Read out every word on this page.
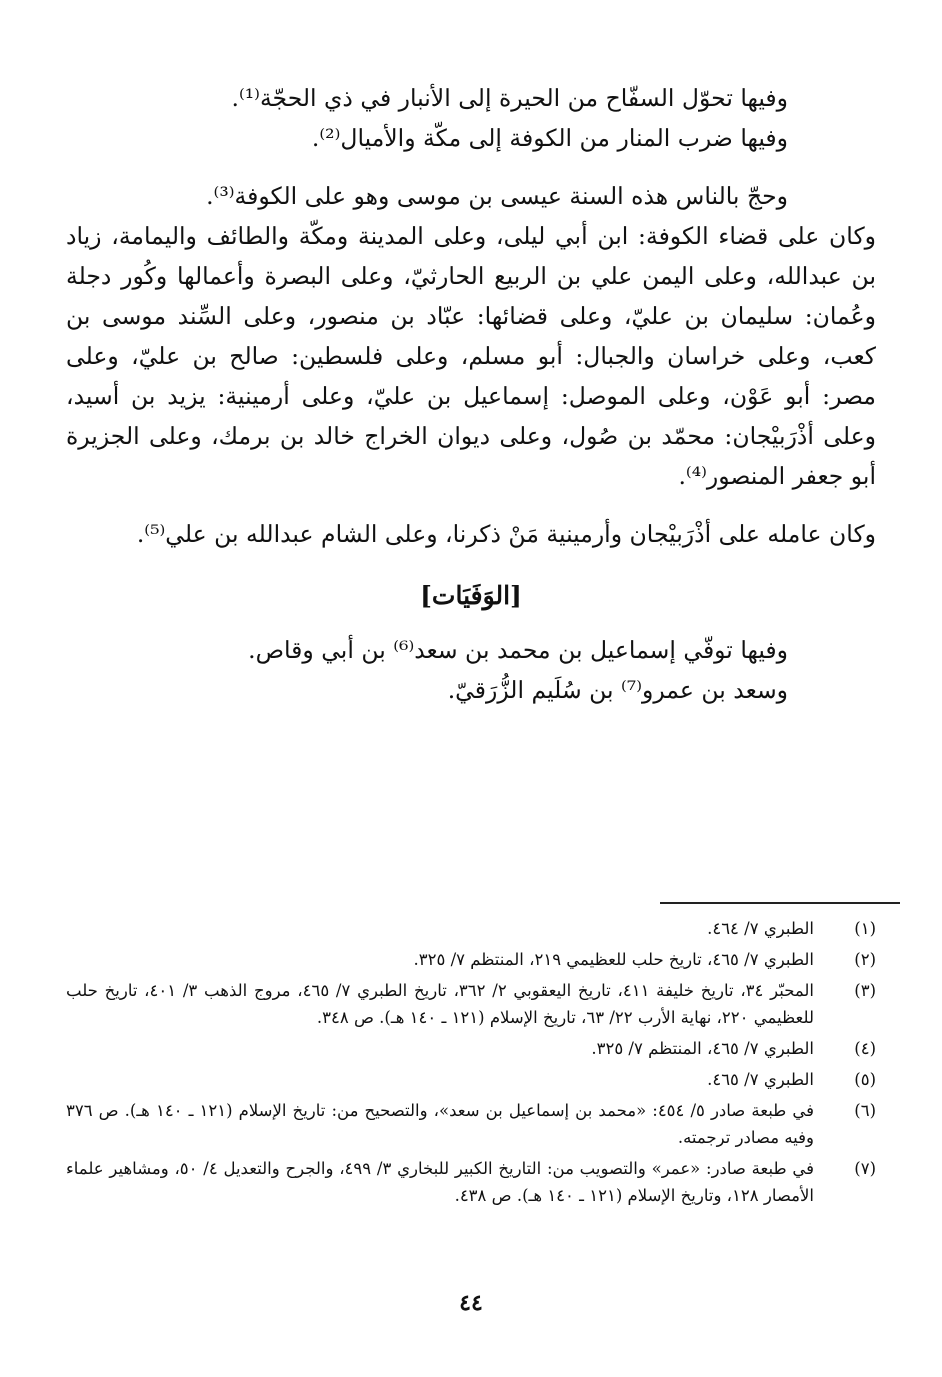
وفيها تحوّل السفّاح من الحيرة إلى الأنبار في ذي الحجّة⁽¹⁾.

وفيها ضرب المنار من الكوفة إلى مكّة والأميال⁽²⁾.

وحجّ بالناس هذه السنة عيسى بن موسى وهو على الكوفة⁽³⁾.

وكان على قضاء الكوفة: ابن أبي ليلى، وعلى المدينة ومكّة والطائف واليمامة، زياد بن عبدالله، وعلى اليمن علي بن الربيع الحارثيّ، وعلى البصرة وأعمالها وكُور دجلة وعُمان: سليمان بن عليّ، وعلى قضائها: عبّاد بن منصور، وعلى السِّند موسى بن كعب، وعلى خراسان والجبال: أبو مسلم، وعلى فلسطين: صالح بن عليّ، وعلى مصر: أبو عَوْن، وعلى الموصل: إسماعيل بن عليّ، وعلى أرمينية: يزيد بن أسيد، وعلى أذْرَبيْجان: محمّد بن صُول، وعلى ديوان الخراج خالد بن برمك، وعلى الجزيرة أبو جعفر المنصور⁽⁴⁾.

وكان عامله على أذْرَبيْجان وأرمينية مَنْ ذكرنا، وعلى الشام عبدالله بن علي⁽⁵⁾.

[الوَفَيَات]

وفيها توفّي إسماعيل بن محمد بن سعد⁽⁶⁾ بن أبي وقاص.

وسعد بن عمرو⁽⁷⁾ بن سُلَيم الزُّرَقيّ.

(١)
الطبري ٧/ ٤٦٤.
(٢)
الطبري ٧/ ٤٦٥، تاريخ حلب للعظيمي ٢١٩، المنتظم ٧/ ٣٢٥.
(٣)
المحبّر ٣٤، تاريخ خليفة ٤١١، تاريخ اليعقوبي ٢/ ٣٦٢، تاريخ الطبري ٧/ ٤٦٥، مروج الذهب ٣/ ٤٠١، تاريخ حلب للعظيمي ٢٢٠، نهاية الأرب ٢٢/ ٦٣، تاريخ الإسلام (١٢١ ـ ١٤٠ هـ). ص ٣٤٨.
(٤)
الطبري ٧/ ٤٦٥، المنتظم ٧/ ٣٢٥.
(٥)
الطبري ٧/ ٤٦٥.
(٦)
في طبعة صادر ٥/ ٤٥٤: «محمد بن إسماعيل بن سعد»، والتصحيح من: تاريخ الإسلام (١٢١ ـ ١٤٠ هـ). ص ٣٧٦ وفيه مصادر ترجمته.
(٧)
في طبعة صادر: «عمر» والتصويب من: التاريخ الكبير للبخاري ٣/ ٤٩٩، والجرح والتعديل ٤/ ٥٠، ومشاهير علماء الأمصار ١٢٨، وتاريخ الإسلام (١٢١ ـ ١٤٠ هـ). ص ٤٣٨.
٤٤
